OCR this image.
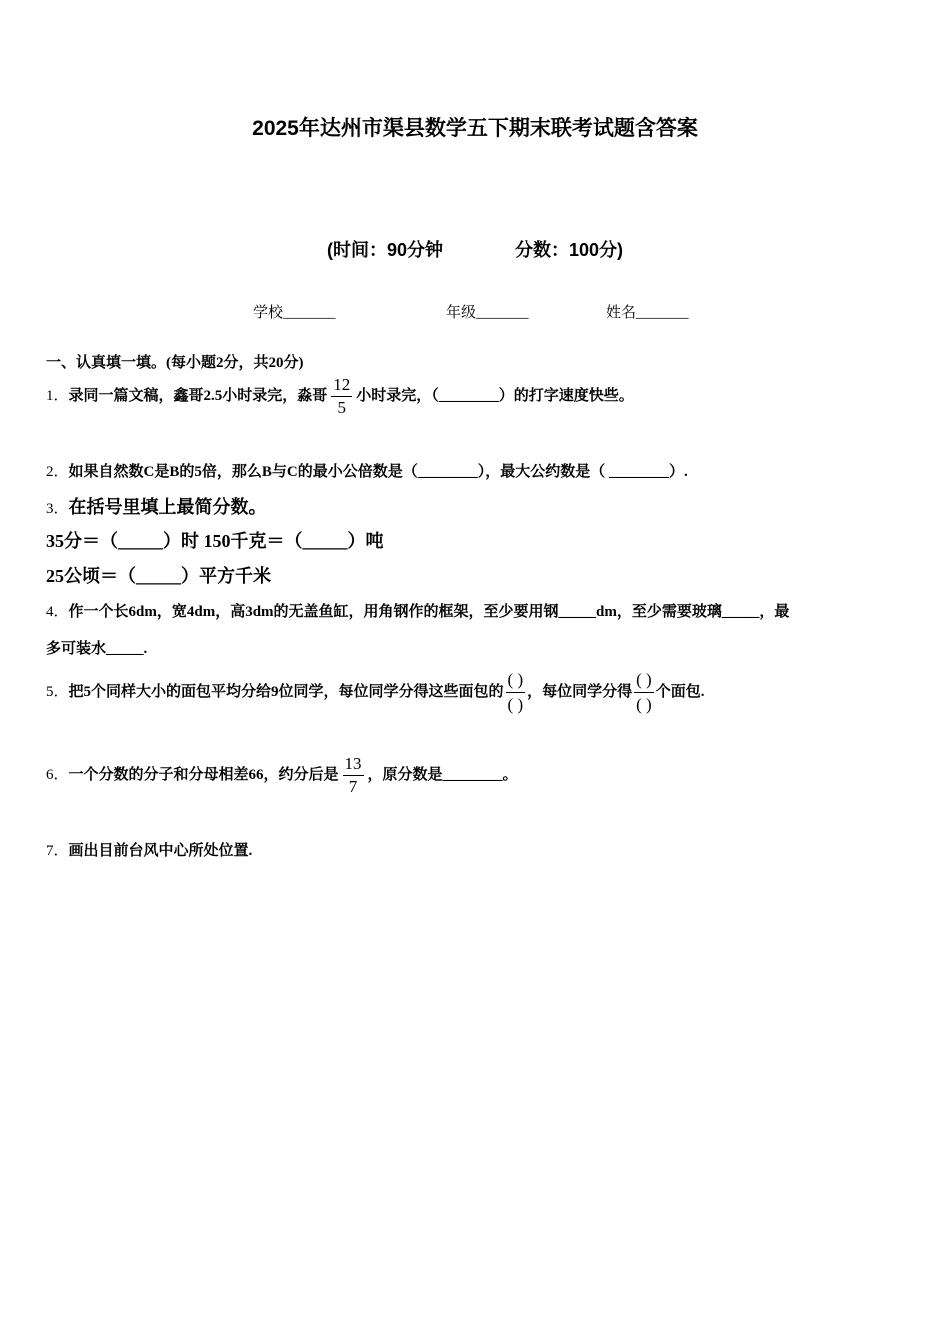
2025年达州市渠县数学五下期末联考试题含答案
(时间：90分钟	分数：100分)
学校_______	年级_______	姓名_______
一、认真填一填。(每小题2分，共20分)
1．录同一篇文稿，鑫哥2.5小时录完，淼哥 $\frac{12}{5}$ 小时录完，（________）的打字速度快些。
2．如果自然数C是B的5倍，那么B与C的最小公倍数是（________），最大公约数是（ ________）.
3．在括号里填上最简分数。
35分＝（_____）时 150千克＝（_____）吨
25公顷＝（_____）平方千米
4．作一个长6dm，宽4dm，高3dm的无盖鱼缸，用角钢作的框架，至少要用钢_____dm，至少需要玻璃_____，最
多可装水_____.
5．把5个同样大小的面包平均分给9位同学，每位同学分得这些面包的
( )
( )
，每位同学分得
( )
( )
个面包.
6．一个分数的分子和分母相差66，约分后是 $\frac{13}{7}$ ，原分数是________。
7．画出目前台风中心所处位置.
